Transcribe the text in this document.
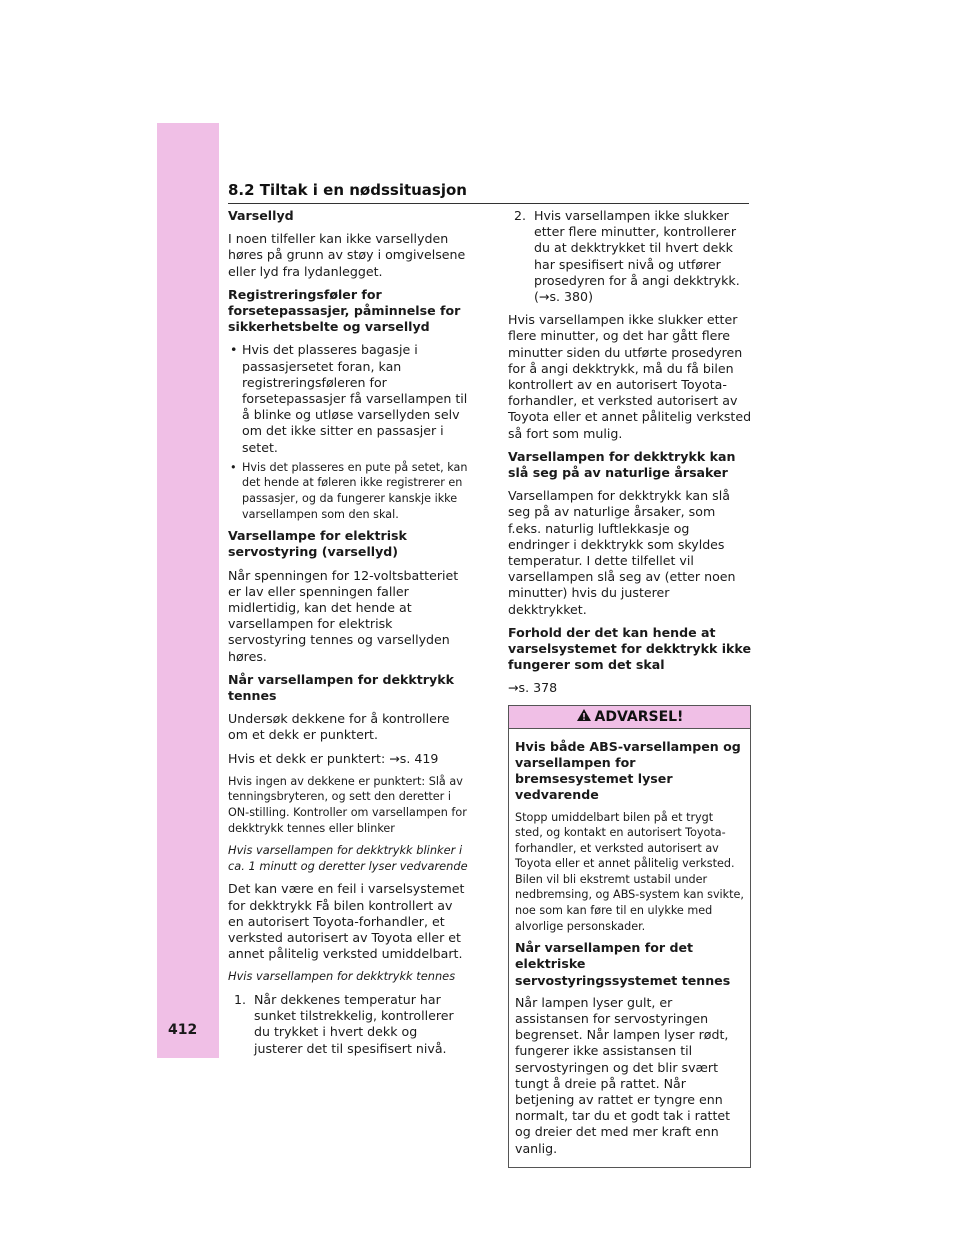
412
8.2 Tiltak i en nødssituasjon

Varsellyd

I noen tilfeller kan ikke varsellyden høres på grunn av støy i omgivelsene eller lyd fra lydanlegget.

Registreringsføler for forsetepassasjer, påminnelse for sikkerhetsbelte og varsellyd

• Hvis det plasseres bagasje i passasjersetet foran, kan registreringsføleren for forsetepassasjer få varsellampen til å blinke og utløse varsellyden selv om det ikke sitter en passasjer i setet.
• Hvis det plasseres en pute på setet, kan det hende at føleren ikke registrerer en passasjer, og da fungerer kanskje ikke varsellampen som den skal.

Varsellampe for elektrisk servostyring (varsellyd)

Når spenningen for 12-voltsbatteriet er lav eller spenningen faller midlertidig, kan det hende at varsellampen for elektrisk servostyring tennes og varsellyden høres.

Når varsellampen for dekktrykk tennes

Undersøk dekkene for å kontrollere om et dekk er punktert.

Hvis et dekk er punktert: →s. 419

Hvis ingen av dekkene er punktert: Slå av tenningsbryteren, og sett den deretter i ON-stilling. Kontroller om varsellampen for dekktrykk tennes eller blinker

Hvis varsellampen for dekktrykk blinker i ca. 1 minutt og deretter lyser vedvarende

Det kan være en feil i varselsystemet for dekktrykk Få bilen kontrollert av en autorisert Toyota-forhandler, et verksted autorisert av Toyota eller et annet pålitelig verksted umiddelbart.

Hvis varsellampen for dekktrykk tennes

1. Når dekkenes temperatur har sunket tilstrekkelig, kontrollerer du trykket i hvert dekk og justerer det til spesifisert nivå.
2. Hvis varsellampen ikke slukker etter flere minutter, kontrollerer du at dekktrykket til hvert dekk har spesifisert nivå og utfører prosedyren for å angi dekktrykk. (→s. 380)

Hvis varsellampen ikke slukker etter flere minutter, og det har gått flere minutter siden du utførte prosedyren for å angi dekktrykk, må du få bilen kontrollert av en autorisert Toyota-forhandler, et verksted autorisert av Toyota eller et annet pålitelig verksted så fort som mulig.

Varsellampen for dekktrykk kan slå seg på av naturlige årsaker

Varsellampen for dekktrykk kan slå seg på av naturlige årsaker, som f.eks. naturlig luftlekkasje og endringer i dekktrykk som skyldes temperatur. I dette tilfellet vil varsellampen slå seg av (etter noen minutter) hvis du justerer dekktrykket.

Forhold der det kan hende at varselsystemet for dekktrykk ikke fungerer som det skal

→s. 378

ADVARSEL!

Hvis både ABS-varsellampen og varsellampen for bremsesystemet lyser vedvarende

Stopp umiddelbart bilen på et trygt sted, og kontakt en autorisert Toyota-forhandler, et verksted autorisert av Toyota eller et annet pålitelig verksted. Bilen vil bli ekstremt ustabil under nedbremsing, og ABS-system kan svikte, noe som kan føre til en ulykke med alvorlige personskader.

Når varsellampen for det elektriske servostyringssystemet tennes

Når lampen lyser gult, er assistansen for servostyringen begrenset. Når lampen lyser rødt, fungerer ikke assistansen til servostyringen og det blir svært tungt å dreie på rattet. Når betjening av rattet er tyngre enn normalt, tar du et godt tak i rattet og dreier det med mer kraft enn vanlig.
